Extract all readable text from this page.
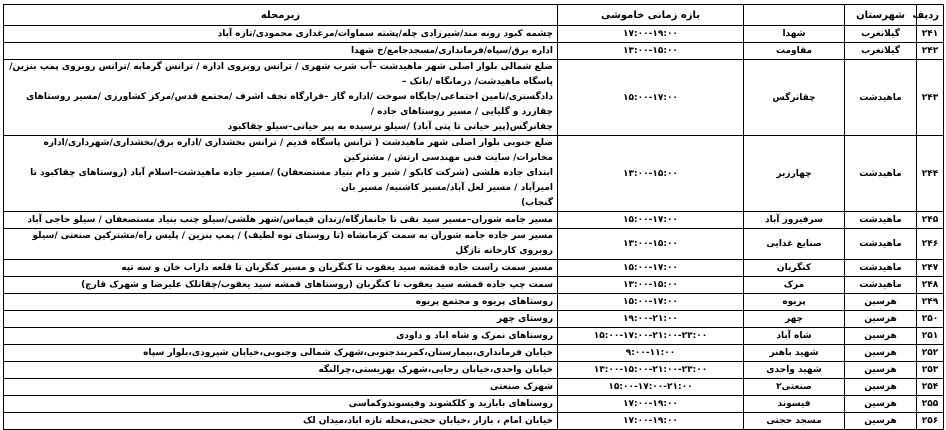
ردیف	شهرستان		بازه زمانی خاموشی	زیرمحله
۲۴۱	گیلانغرب	شهدا	۱۷:۰۰-۱۹:۰۰	چشمه کبود رونه مند/شیرزادی چله/پشته سماوات/مرغداری محمودی/تازه آباد

۲۴۲	گیلانغرب	مقاومت	۱۳:۰۰-۱۵:۰۰	اداره برق/سپاه/فرمانداری/مسجدجامع/خ شهدا

۲۴۳	ماهیدشت	چقانرگس	۱۵:۰۰-۱۷:۰۰	ضلع شمالی بلوار اصلی شهر ماهیدشت –آب شرب شهری / ترانس روبروی اداره / ترانس گرمابه /ترانس روبروی پمپ بنزین/پاسگاه ماهیدشت/ درمانگاه /بانک –
دادگستری/تامین اجتماعی/جایگاه سوخت /اداره گاز –قرارگاه نجف اشرف /مجتمع قدس/مرکز کشاورزی /مسیر روستاهای چقازرد و گلیایی / مسیر روستاهای جاده /
چقانرگس(پیر حیاتی تا پتی آباد) /سیلو نرسیده به پیر حیاتی–سیلو چقاکبود

۲۴۴	ماهیدشت	چهارزبر	۱۳:۰۰-۱۵:۰۰	ضلع جنوبی بلوار اصلی شهر ماهیدشت ( ترانس پاسگاه قدیم / ترانس بخشداری /اداره برق/بخشداری/شهرداری/اداره مخابرات/ سایت فنی مهندسی ارتش / مشترکین
ابتدای جاده هلشی (شرکت کابکو / شیر و دام بنیاد مستضعفان) /مسیر جاده ماهیدشت–اسلام آباد (روستاهای چقاکبود تا امیرآباد / مسیر لعل آباد/مسیر کاشنیه/ مسیر بان
گنجاب)

۲۴۵	ماهیدشت	سرفیروز آباد	۱۵:۰۰-۱۷:۰۰	مسیر جامه شوران–مسیر سید نقی تا جانمازگاه/زندان قیماس/شهر هلشی/سیلو چنب بنیاد مستضعفان / سیلو حاجی آباد

۲۴۶	ماهیدشت	صنایع غذایی	۱۳:۰۰-۱۵:۰۰	مسیر سر جاده جامه شوران به سمت کرمانشاه (تا روستای توه لطیف) / پمپ بنزین / پلیس راه/مشترکین صنعتی /سیلو روبروی کارخانه تازگل

۲۴۷	ماهیدشت	کنگربان	۱۵:۰۰-۱۷:۰۰	مسیر سمت راست جاده قمشه سید یعقوب تا کنگربان و مسیر کنگربان تا قلعه داراب خان و سه تپه

۲۴۸	ماهیدشت	مرک	۱۳:۰۰-۱۵:۰۰	سمت چپ جاده قمشه سید یعقوب تا کنگربان (روستاهای قمشه سید یعقوب/چقاتلک علیرضا و شهرک قارچ)

۲۴۹	هرسین	پریوه	۱۵:۰۰-۱۷:۰۰	روستاهای پریوه و مجتمع پریوه

۲۵۰	هرسین	چهر	۱۹:۰۰-۲۱:۰۰	روستای چهر

۲۵۱	هرسین	شاه آباد	۱۵:۰۰-۱۷:۰۰-۲۱:۰۰-۲۳:۰۰	روستاهای نمرک و شاه اباد و داودی

۲۵۲	هرسین	شهید باهنر	۹:۰۰-۱۱:۰۰	خیابان فرمانداری،بیمارستان،کمربندجنوبی،شهرک شمالی وجنوبی،خیابان شیرودی،بلوار سپاه

۲۵۳	هرسین	شهید واحدی	۱۳:۰۰-۱۵:۰۰-۲۱:۰۰-۲۳:۰۰	خیابان واحدی،خیابان رجایی،شهرک بهزیستی،چرالنگه

۲۵۴	هرسین	صنعتی۲	۱۵:۰۰-۱۷:۰۰-۲۱:۰۰	شهرک صنعتی

۲۵۵	هرسین	فیسوند	۱۷:۰۰-۱۹:۰۰	روستاهای بابازید و کلکشوند وفیسوندوکماسی

۲۵۶	هرسین	مسجد حجتی	۱۷:۰۰-۱۹:۰۰	خیابان امام ، بازار ،خیابان حجتی،محله تازه اباد،میدان لک
